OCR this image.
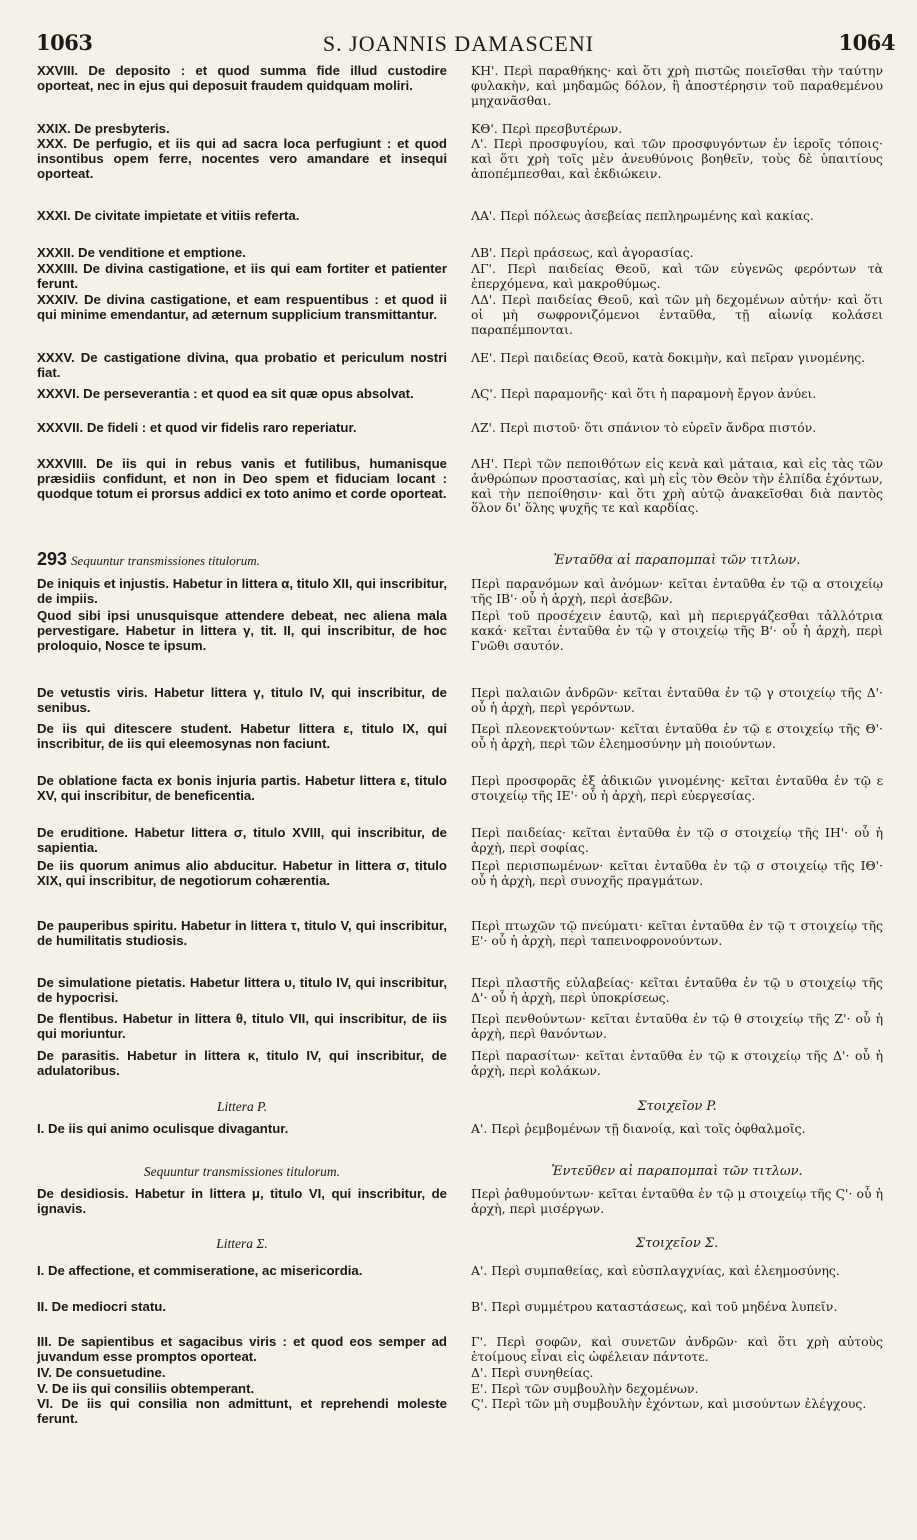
1063	S. JOANNIS DAMASCENI	1064
XXVIII. De deposito : et quod summa fide illud custodire oporteat, nec in ejus qui deposuit fraudem quidquam moliri.
XXIX. De presbyteris.
XXX. De perfugio, et iis qui ad sacra loca perfugiunt : et quod insontibus opem ferre, nocentes vero amandare et insequi oporteat.
XXXI. De civitate impietate et vitiis referta.
XXXII. De venditione et emptione.
XXXIII. De divina castigatione, et iis qui eam fortiter et patienter ferunt.
XXXIV. De divina castigatione, et eam respuentibus : et quod ii qui minime emendantur, ad æternum supplicium transmittantur.
XXXV. De castigatione divina, qua probatio et periculum nostri fiat.
XXXVI. De perseverantia : et quod ea sit quæ opus absolvat.
XXXVII. De fideli : et quod vir fidelis raro reperiatur.
XXXVIII. De iis qui in rebus vanis et futilibus, humanisque præsidiis confidunt, et non in Deo spem et fiduciam locant : quodque totum ei prorsus addici ex toto animo et corde oporteat.
293 Sequuntur transmissiones titulorum.
De iniquis et injustis. Habetur in littera α, titulo XII, qui inscribitur, de impiis.
Quod sibi ipsi unusquisque attendere debeat, nec aliena mala pervestigare. Habetur in littera γ, tit. II, qui inscribitur, de hoc proloquio, Nosce te ipsum.
De vetustis viris. Habetur littera γ, titulo IV, qui inscribitur, de senibus.
De iis qui ditescere student. Habetur littera ε, titulo IX, qui inscribitur, de iis qui eleemosynas non faciunt.
De oblatione facta ex bonis injuria partis. Habetur littera ε, titulo XV, qui inscribitur, de beneficentia.
De eruditione. Habetur littera σ, titulo XVIII, qui inscribitur, de sapientia.
De iis quorum animus alio abducitur. Habetur in littera σ, titulo XIX, qui inscribitur, de negotiorum cohærentia.
De pauperibus spiritu. Habetur in littera τ, titulo V, qui inscribitur, de humilitatis studiosis.
De simulatione pietatis. Habetur littera υ, titulo IV, qui inscribitur, de hypocrisi.
De flentibus. Habetur in littera θ, titulo VII, qui inscribitur, de iis qui moriuntur.
De parasitis. Habetur in littera κ, titulo IV, qui inscribitur, de adulatoribus.
Littera P.
I. De iis qui animo oculisque divagantur.
Sequuntur transmissiones titulorum.
De desidiosis. Habetur in littera μ, titulo VI, qui inscribitur, de ignavis.
Littera Σ.
I. De affectione, et commiseratione, ac misericordia.
II. De mediocri statu.
III. De sapientibus et sagacibus viris : et quod eos semper ad juvandum esse promptos oporteat.
IV. De consuetudine.
V. De iis qui consiliis obtemperant.
VI. De iis qui consilia non admittunt, et reprehendi moleste ferunt.
ΚΗ'. Περὶ παραθήκης· καὶ ὅτι χρὴ πιστῶς ποιεῖσθαι τὴν ταύτην φυλακὴν, καὶ μηδαμῶς δόλον, ἢ ἀποστέρησιν τοῦ παραθεμένου μηχανᾶσθαι.
ΚΘ'. Περὶ πρεσβυτέρων.
Λ'. Περὶ προσφυγίου, καὶ τῶν προσφυγόντων ἐν ἱεροῖς τόποις· καὶ ὅτι χρὴ τοῖς μὲν ἀνευθύνοις βοηθεῖν, τοὺς δὲ ὑπαιτίους ἀποπέμπεσθαι, καὶ ἐκδιώκειν.
ΛΑ'. Περὶ πόλεως ἀσεβείας πεπληρωμένης καὶ κακίας.
ΛΒ'. Περὶ πράσεως, καὶ ἀγορασίας.
ΛΓ'. Περὶ παιδείας Θεοῦ, καὶ τῶν εὐγενῶς φερόντων τὰ ἐπερχόμενα, καὶ μακροθύμως.
ΛΔ'. Περὶ παιδείας Θεοῦ, καὶ τῶν μὴ δεχομένων αὐτήν· καὶ ὅτι οἱ μὴ σωφρονιζόμενοι ἐνταῦθα, τῇ αἰωνίᾳ κολάσει παραπέμπονται.
ΛΕ'. Περὶ παιδείας Θεοῦ, κατὰ δοκιμὴν, καὶ πεῖραν γινομένης.
ΛϚ'. Περὶ παραμονῆς· καὶ ὅτι ἡ παραμονὴ ἔργον ἀνύει.
ΛΖ'. Περὶ πιστοῦ· ὅτι σπάνιον τὸ εὑρεῖν ἄνδρα πιστόν.
ΛΗ'. Περὶ τῶν πεποιθότων εἰς κενὰ καὶ μάταια, καὶ εἰς τὰς τῶν ἀνθρώπων προστασίας, καὶ μὴ εἰς τὸν Θεὸν τὴν ἐλπίδα ἐχόντων, καὶ τὴν πεποίθησιν· καὶ ὅτι χρὴ αὐτῷ ἀνακεῖσθαι διὰ παντὸς ὅλον δι' ὅλης ψυχῆς τε καὶ καρδίας.
Ἐνταῦθα αἱ παραπομπαὶ τῶν τιτλων.
Περὶ παρανόμων καὶ ἀνόμων· κεῖται ἐνταῦθα ἐν τῷ α στοιχείῳ τῆς ΙΒ'· οὗ ἡ ἀρχὴ, περὶ ἀσεβῶν.
Περὶ τοῦ προσέχειν ἑαυτῷ, καὶ μὴ περιεργάζεσθαι τἀλλότρια κακά· κεῖται ἐνταῦθα ἐν τῷ γ στοιχείῳ τῆς Β'· οὗ ἡ ἀρχὴ, περὶ Γνῶθι σαυτόν.
Περὶ παλαιῶν ἀνδρῶν· κεῖται ἐνταῦθα ἐν τῷ γ στοιχείῳ τῆς Δ'· οὗ ἡ ἀρχὴ, περὶ γερόντων.
Περὶ πλεονεκτούντων· κεῖται ἐνταῦθα ἐν τῷ ε στοιχείῳ τῆς Θ'· οὗ ἡ ἀρχὴ, περὶ τῶν ἐλεημοσύνην μὴ ποιούντων.
Περὶ προσφορᾶς ἐξ ἀδικιῶν γινομένης· κεῖται ἐνταῦθα ἐν τῷ ε στοιχείῳ τῆς ΙΕ'· οὗ ἡ ἀρχὴ, περὶ εὐεργεσίας.
Περὶ παιδείας· κεῖται ἐνταῦθα ἐν τῷ σ στοιχείῳ τῆς ΙΗ'· οὗ ἡ ἀρχὴ, περὶ σοφίας.
Περὶ περισπωμένων· κεῖται ἐνταῦθα ἐν τῷ σ στοιχείῳ τῆς ΙΘ'· οὗ ἡ ἀρχὴ, περὶ συνοχῆς πραγμάτων.
Περὶ πτωχῶν τῷ πνεύματι· κεῖται ἐνταῦθα ἐν τῷ τ στοιχείῳ τῆς Ε'· οὗ ἡ ἀρχὴ, περὶ ταπεινοφρονούντων.
Περὶ πλαστῆς εὐλαβείας· κεῖται ἐνταῦθα ἐν τῷ υ στοιχείῳ τῆς Δ'· οὗ ἡ ἀρχὴ, περὶ ὑποκρίσεως.
Περὶ πενθούντων· κεῖται ἐνταῦθα ἐν τῷ θ στοιχείῳ τῆς Ζ'· οὗ ἡ ἀρχὴ, περὶ θανόντων.
Περὶ παρασίτων· κεῖται ἐνταῦθα ἐν τῷ κ στοιχείῳ τῆς Δ'· οὗ ἡ ἀρχὴ, περὶ κολάκων.
Στοιχεῖον P.
Α'. Περὶ ῥεμβομένων τῇ διανοίᾳ, καὶ τοῖς ὀφθαλμοῖς.
Ἐντεῦθεν αἱ παραπομπαὶ τῶν τιτλων.
Περὶ ῥαθυμούντων· κεῖται ἐνταῦθα ἐν τῷ μ στοιχείῳ τῆς Ϛ'· οὗ ἡ ἀρχὴ, περὶ μισέργων.
Στοιχεῖον Σ.
Α'. Περὶ συμπαθείας, καὶ εὐσπλαγχνίας, καὶ ἐλεημοσύνης.
Β'. Περὶ συμμέτρου καταστάσεως, καὶ τοῦ μηδένα λυπεῖν.
Γ'. Περὶ σοφῶν, καὶ συνετῶν ἀνδρῶν· καὶ ὅτι χρὴ αὐτοὺς ἑτοίμους εἶναι εἰς ὠφέλειαν πάντοτε.
Δ'. Περὶ συνηθείας.
Ε'. Περὶ τῶν συμβουλὴν δεχομένων.
Ϛ'. Περὶ τῶν μὴ συμβουλὴν ἐχόντων, καὶ μισούντων ἐλέγχους.
